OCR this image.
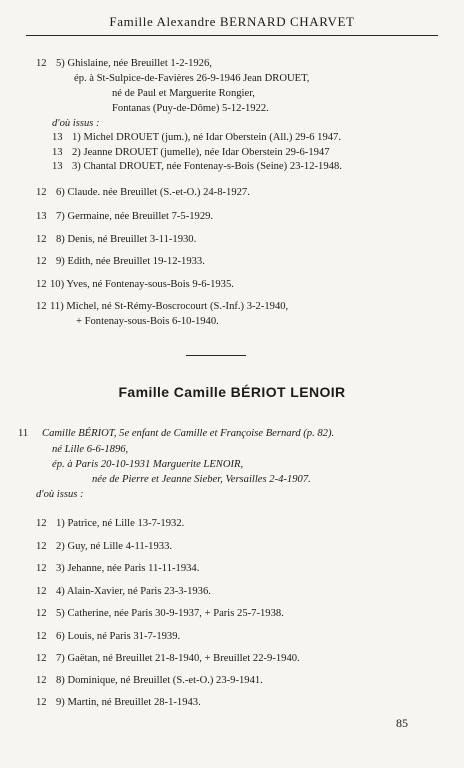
Famille Alexandre BERNARD CHARVET
12 5) Ghislaine, née Breuillet 1-2-1926,
ép. à St-Sulpice-de-Favières 26-9-1946 Jean DROUET,
né de Paul et Marguerite Rongier,
Fontanas (Puy-de-Dôme) 5-12-1922.
d'où issus :
13 1) Michel DROUET (jum.), né Idar Oberstein (All.) 29-6 1947.
13 2) Jeanne DROUET (jumelle), née Idar Oberstein 29-6-1947
13 3) Chantal DROUET, née Fontenay-s-Bois (Seine) 23-12-1948.
12 6) Claude. née Breuillet (S.-et-O.) 24-8-1927.
13 7) Germaine, née Breuillet 7-5-1929.
12 8) Denis, né Breuillet 3-11-1930.
12 9) Edith, née Breuillet 19-12-1933.
12 10) Yves, né Fontenay-sous-Bois 9-6-1935.
12 11) Michel, né St-Rémy-Boscrocourt (S.-Inf.) 3-2-1940,
+ Fontenay-sous-Bois 6-10-1940.
Famille Camille BÉRIOT LENOIR
11 Camille BÉRIOT, 5e enfant de Camille et Françoise Bernard (p. 82).
né Lille 6-6-1896,
ép. à Paris 20-10-1931 Marguerite LENOIR,
née de Pierre et Jeanne Sieber, Versailles 2-4-1907.
d'où issus :
12 1) Patrice, né Lille 13-7-1932.
12 2) Guy, né Lille 4-11-1933.
12 3) Jehanne, née Paris 11-11-1934.
12 4) Alain-Xavier, né Paris 23-3-1936.
12 5) Catherine, née Paris 30-9-1937, + Paris 25-7-1938.
12 6) Louis, né Paris 31-7-1939.
12 7) Gaëtan, né Breuillet 21-8-1940, + Breuillet 22-9-1940.
12 8) Dominique, né Breuillet (S.-et-O.) 23-9-1941.
12 9) Martin, né Breuillet 28-1-1943.
85
